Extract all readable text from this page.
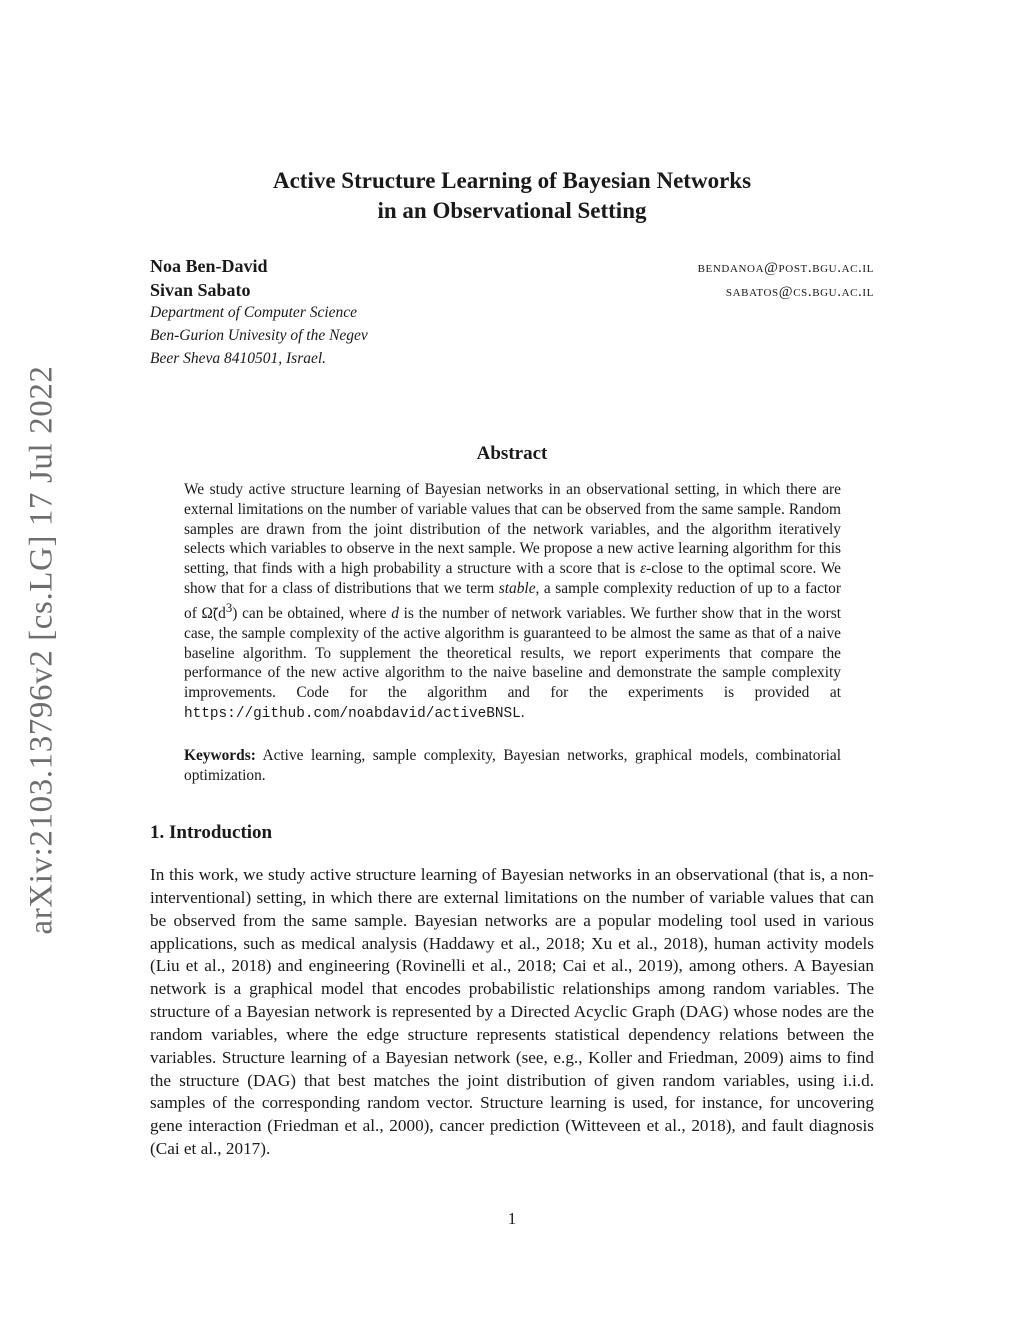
arXiv:2103.13796v2 [cs.LG] 17 Jul 2022
Active Structure Learning of Bayesian Networks
in an Observational Setting
Noa Ben-David	bendanoa@post.bgu.ac.il
Sivan Sabato	sabatos@cs.bgu.ac.il
Department of Computer Science
Ben-Gurion Univesity of the Negev
Beer Sheva 8410501, Israel.
Abstract

We study active structure learning of Bayesian networks in an observational setting, in which there are external limitations on the number of variable values that can be observed from the same sample. Random samples are drawn from the joint distribution of the network variables, and the algorithm iteratively selects which variables to observe in the next sample. We propose a new active learning algorithm for this setting, that finds with a high probability a structure with a score that is ε-close to the optimal score. We show that for a class of distributions that we term stable, a sample complexity reduction of up to a factor of $\Omegã(d^3)$ can be obtained, where d is the number of network variables. We further show that in the worst case, the sample complexity of the active algorithm is guaranteed to be almost the same as that of a naive baseline algorithm. To supplement the theoretical results, we report experiments that compare the performance of the new active algorithm to the naive baseline and demonstrate the sample complexity improvements. Code for the algorithm and for the experiments is provided at https://github.com/noabdavid/activeBNSL.

Keywords: Active learning, sample complexity, Bayesian networks, graphical models, combinatorial optimization.
1. Introduction

In this work, we study active structure learning of Bayesian networks in an observational (that is, a non-interventional) setting, in which there are external limitations on the number of variable values that can be observed from the same sample. Bayesian networks are a popular modeling tool used in various applications, such as medical analysis (Haddawy et al., 2018; Xu et al., 2018), human activity models (Liu et al., 2018) and engineering (Rovinelli et al., 2018; Cai et al., 2019), among others. A Bayesian network is a graphical model that encodes probabilistic relationships among random variables. The structure of a Bayesian network is represented by a Directed Acyclic Graph (DAG) whose nodes are the random variables, where the edge structure represents statistical dependency relations between the variables. Structure learning of a Bayesian network (see, e.g., Koller and Friedman, 2009) aims to find the structure (DAG) that best matches the joint distribution of given random variables, using i.i.d. samples of the corresponding random vector. Structure learning is used, for instance, for uncovering gene interaction (Friedman et al., 2000), cancer prediction (Witteveen et al., 2018), and fault diagnosis (Cai et al., 2017).

1
